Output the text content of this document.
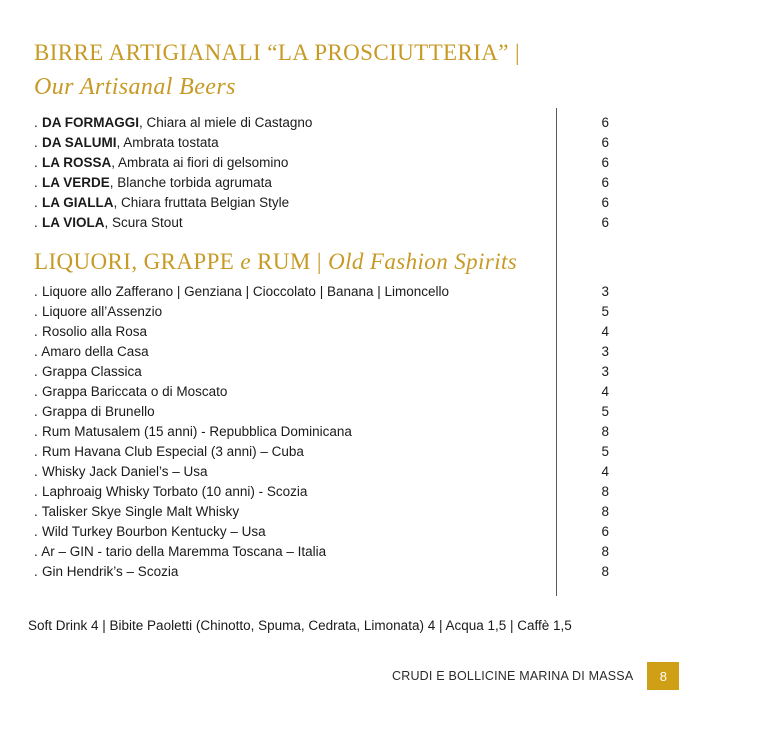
BIRRE ARTIGIANALI “LA PROSCIUTTERIA” |
Our Artisanal Beers
. DA FORMAGGI, Chiara al miele di Castagno	6
. DA SALUMI, Ambrata tostata	6
. LA ROSSA, Ambrata ai fiori di gelsomino	6
. LA VERDE, Blanche torbida agrumata	6
. LA GIALLA, Chiara fruttata Belgian Style	6
. LA VIOLA, Scura Stout	6
LIQUORI, GRAPPE e RUM | Old Fashion Spirits
. Liquore allo Zafferano | Genziana | Cioccolato | Banana | Limoncello	3
. Liquore all’Assenzio	5
. Rosolio alla Rosa	4
. Amaro della Casa	3
. Grappa Classica	3
. Grappa Bariccata o di Moscato	4
. Grappa di Brunello	5
. Rum Matusalem (15 anni) - Repubblica Dominicana	8
. Rum Havana Club Especial (3 anni) – Cuba	5
. Whisky Jack Daniel’s – Usa	4
. Laphroaig Whisky Torbato (10 anni) - Scozia	8
. Talisker Skye Single Malt Whisky	8
. Wild Turkey Bourbon Kentucky – Usa	6
. Ar – GIN - tario della Maremma Toscana – Italia	8
. Gin Hendrik’s – Scozia	8
Soft Drink 4 | Bibite Paoletti (Chinotto, Spuma, Cedrata, Limonata) 4 | Acqua 1,5 | Caffè 1,5
CRUDI E BOLLICINE MARINA DI MASSA	8
